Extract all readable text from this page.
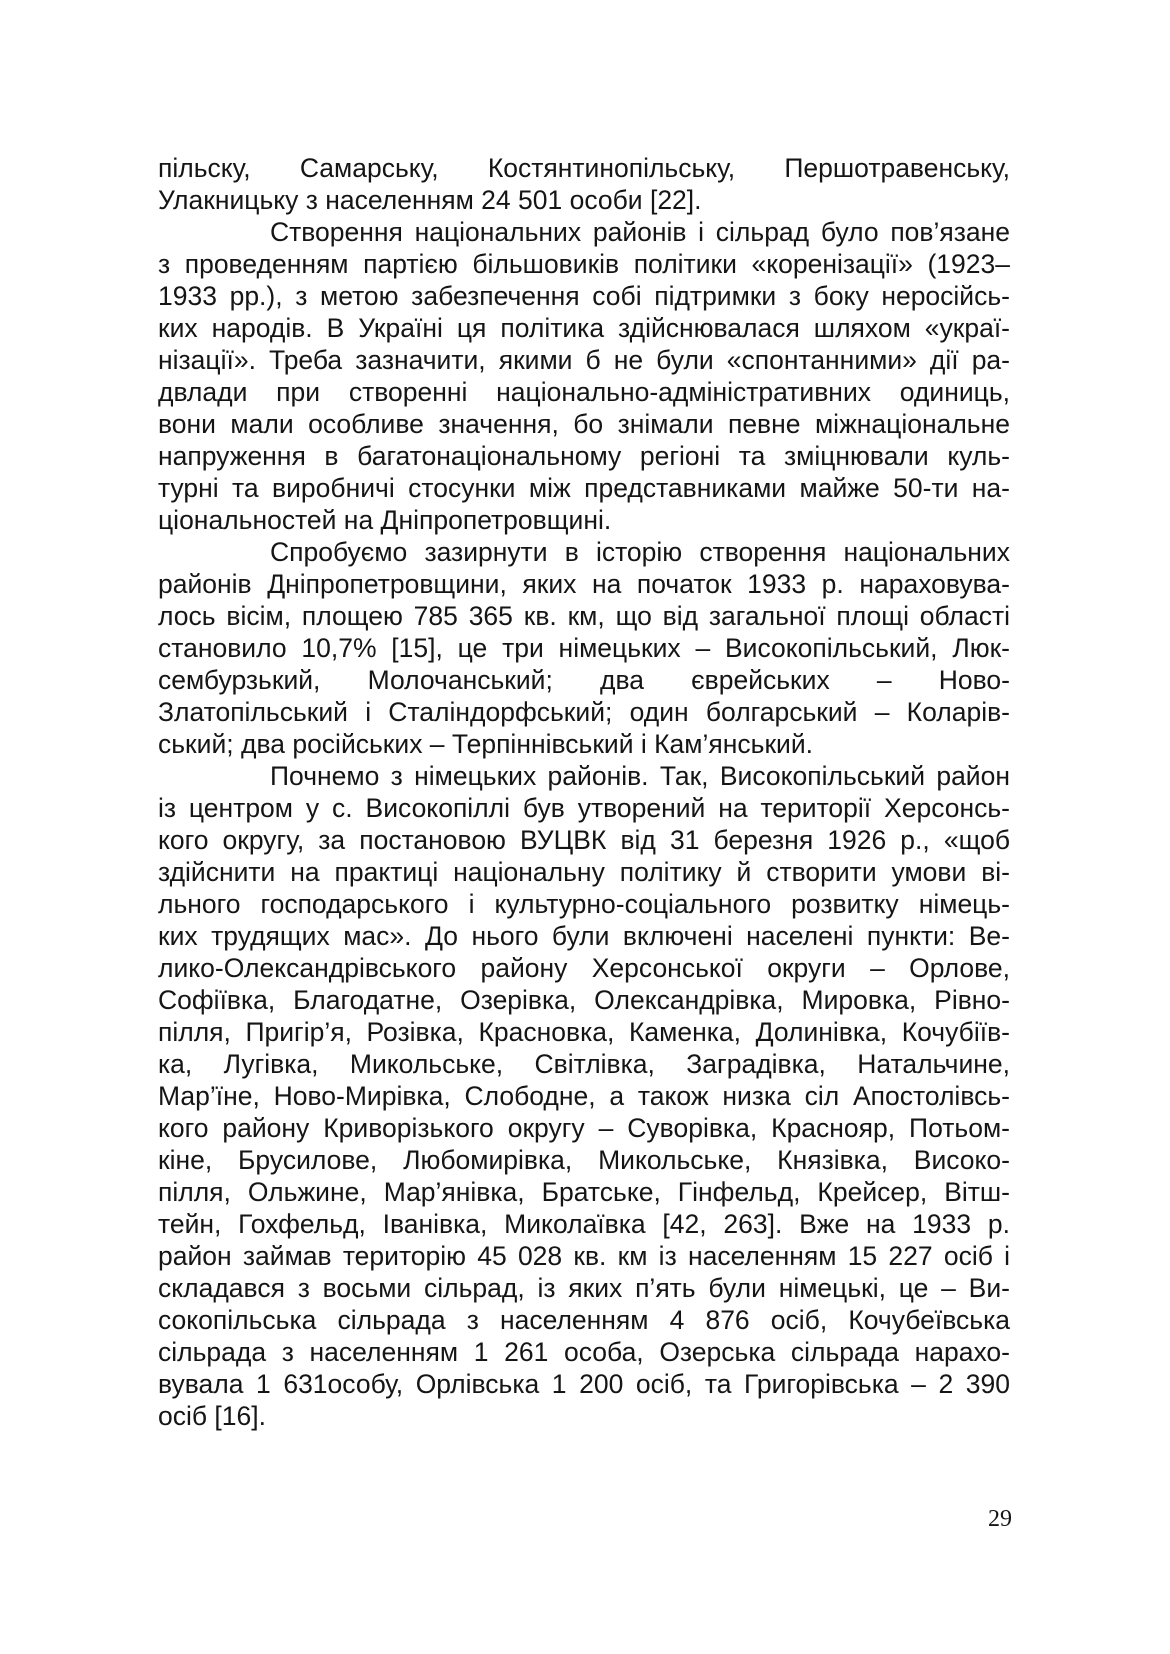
пільску, Самарську, Костянтинопільську, Першотравенську,
Улакницьку з населенням 24 501 особи [22].
Створення національних районів і сільрад було пов’язане
з проведенням партією більшовиків політики «коренізації» (1923–
1933 рр.), з метою забезпечення собі підтримки з боку неросійсь-
ких народів. В Україні ця політика здійснювалася шляхом «украї-
нізації». Треба зазначити, якими б не були «спонтанними» дії ра-
двлади при створенні національно-адміністративних одиниць,
вони мали особливе значення, бо знімали певне міжнаціональне
напруження в багатонаціональному регіоні та зміцнювали куль-
турні та виробничі стосунки між представниками майже 50-ти на-
ціональностей на Дніпропетровщині.
Спробуємо зазирнути в історію створення національних
районів Дніпропетровщини, яких на початок 1933 р. нараховува-
лось вісім, площею 785 365 кв. км, що від загальної площі області
становило 10,7% [15], це три німецьких – Високопільський, Люк-
сембурзький, Молочанський; два єврейських – Ново-
Златопільський і Сталіндорфський; один болгарський – Коларів-
ський; два російських – Терпіннівський і Кам’янський.
Почнемо з німецьких районів. Так, Високопільський район
із центром у с. Високопіллі був утворений на території Херсонсь-
кого округу, за постановою ВУЦВК від 31 березня 1926 р., «щоб
здійснити на практиці національну політику й створити умови ві-
льного господарського і культурно-соціального розвитку німець-
ких трудящих мас». До нього були включені населені пункти: Ве-
лико-Олександрівського району Херсонської округи – Орлове,
Софіївка, Благодатне, Озерівка, Олександрівка, Мировка, Рівно-
пілля, Пригір’я, Розівка, Красновка, Каменка, Долинівка, Кочубіїв-
ка, Лугівка, Микольське, Світлівка, Заградівка, Натальчине,
Мар’їне, Ново-Мирівка, Слободне, а також низка сіл Апостолівсь-
кого району Криворізького округу – Суворівка, Краснояр, Потьом-
кіне, Брусилове, Любомирівка, Микольське, Князівка, Високо-
пілля, Ольжине, Мар’янівка, Братське, Гінфельд, Крейсер, Вітш-
тейн, Гохфельд, Іванівка, Миколаївка [42, 263]. Вже на 1933 р.
район займав територію 45 028 кв. км із населенням 15 227 осіб і
складався з восьми сільрад, із яких п’ять були німецькі, це – Ви-
сокопільська сільрада з населенням 4 876 осіб, Кочубеївська
сільрада з населенням 1 261 особа, Озерська сільрада нарахо-
вувала 1 631особу, Орлівська 1 200 осіб, та Григорівська – 2 390
осіб [16].
29
